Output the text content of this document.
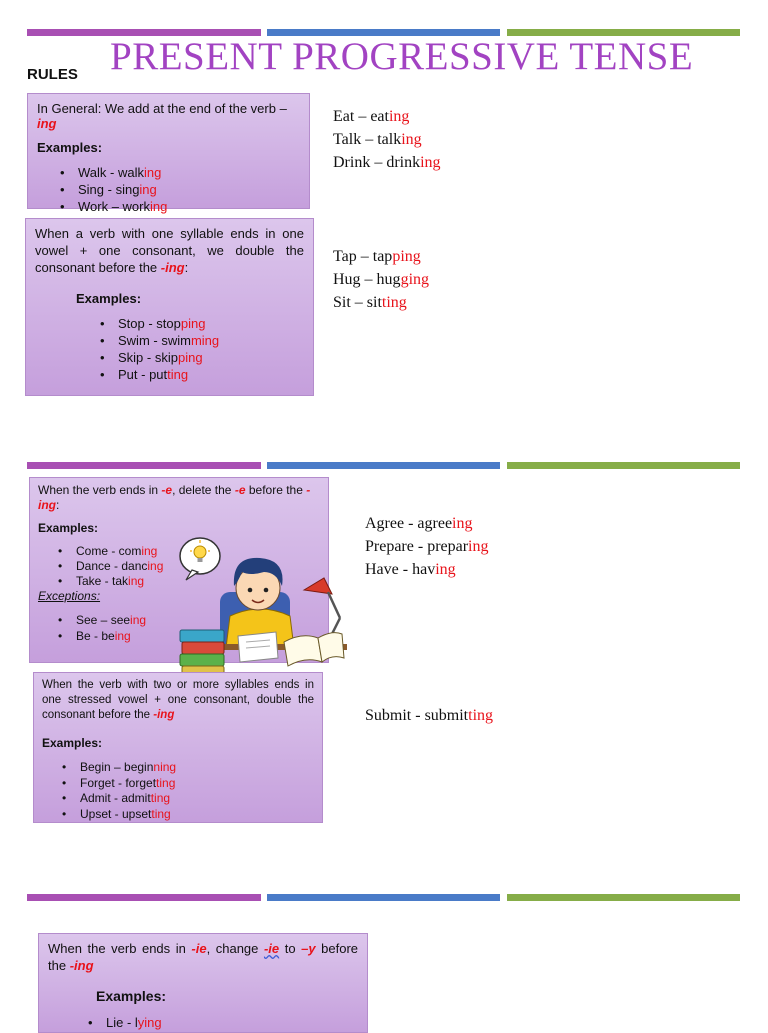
PRESENT PROGRESSIVE TENSE
RULES

In General: We add at the end of the verb –ing

Examples:

• Walk - walking
• Sing - singing
• Work – working
Eat – eating
Talk – talking
Drink – drinking

When a verb with one syllable ends in one vowel + one consonant, we double the consonant before the -ing:

Examples:

• Stop - stopping
• Swim - swimming
• Skip - skipping
• Put - putting
Tap – tapping
Hug – hugging
Sit – sitting

When the verb ends in -e, delete the -e before the -ing:

Examples:

• Come - coming
• Dance - dancing
• Take - taking

Exceptions:

• See – seeing
• Be - being
Agree - agreeing
Prepare - preparing
Have - having

When the verb with two or more syllables ends in one stressed vowel + one consonant, double the consonant before the -ing

Examples:

• Begin – beginning
• Forget - forgetting
• Admit - admitting
• Upset - upsetting
Submit - submitting

When the verb ends in -ie, change -ie to –y before the -ing

Examples:

• Lie - lying
